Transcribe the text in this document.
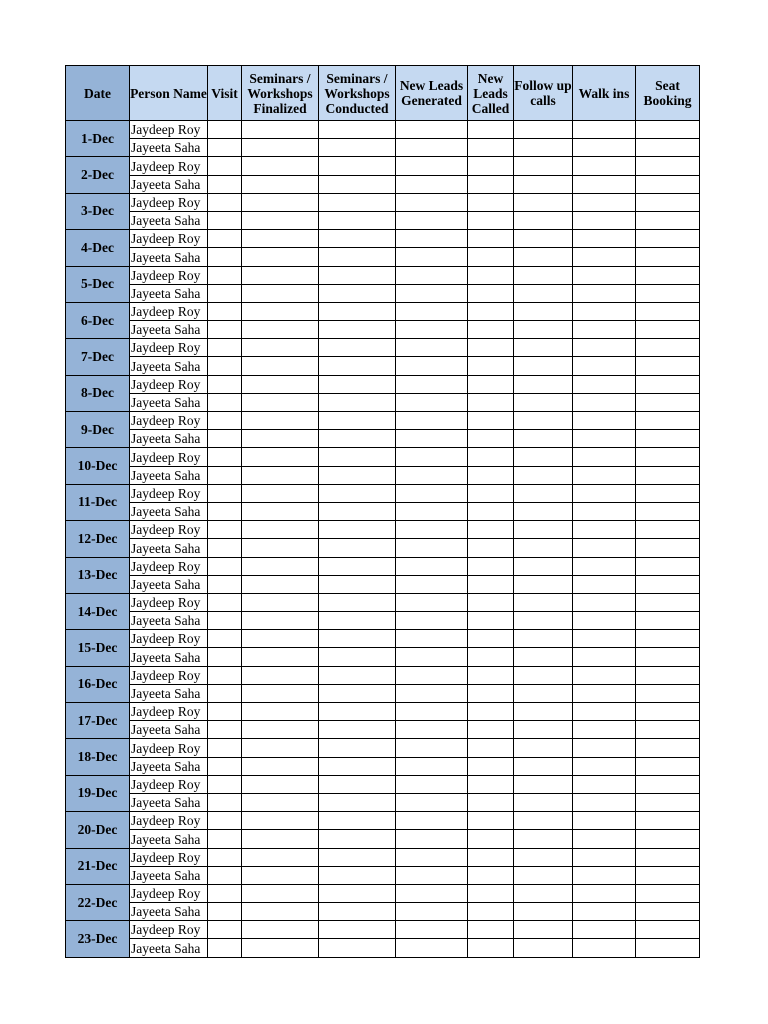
Date	Person Name	Visit	Seminars / Workshops Finalized	Seminars / Workshops Conducted	New Leads Generated	New Leads Called	Follow up calls	Walk ins	Seat Booking
1-Dec	Jaydeep Roy								
	Jayeeta Saha								
2-Dec	Jaydeep Roy								
	Jayeeta Saha								
3-Dec	Jaydeep Roy								
	Jayeeta Saha								
4-Dec	Jaydeep Roy								
	Jayeeta Saha								
5-Dec	Jaydeep Roy								
	Jayeeta Saha								
6-Dec	Jaydeep Roy								
	Jayeeta Saha								
7-Dec	Jaydeep Roy								
	Jayeeta Saha								
8-Dec	Jaydeep Roy								
	Jayeeta Saha								
9-Dec	Jaydeep Roy								
	Jayeeta Saha								
10-Dec	Jaydeep Roy								
	Jayeeta Saha								
11-Dec	Jaydeep Roy								
	Jayeeta Saha								
12-Dec	Jaydeep Roy								
	Jayeeta Saha								
13-Dec	Jaydeep Roy								
	Jayeeta Saha								
14-Dec	Jaydeep Roy								
	Jayeeta Saha								
15-Dec	Jaydeep Roy								
	Jayeeta Saha								
16-Dec	Jaydeep Roy								
	Jayeeta Saha								
17-Dec	Jaydeep Roy								
	Jayeeta Saha								
18-Dec	Jaydeep Roy								
	Jayeeta Saha								
19-Dec	Jaydeep Roy								
	Jayeeta Saha								
20-Dec	Jaydeep Roy								
	Jayeeta Saha								
21-Dec	Jaydeep Roy								
	Jayeeta Saha								
22-Dec	Jaydeep Roy								
	Jayeeta Saha								
23-Dec	Jaydeep Roy								
	Jayeeta Saha								
